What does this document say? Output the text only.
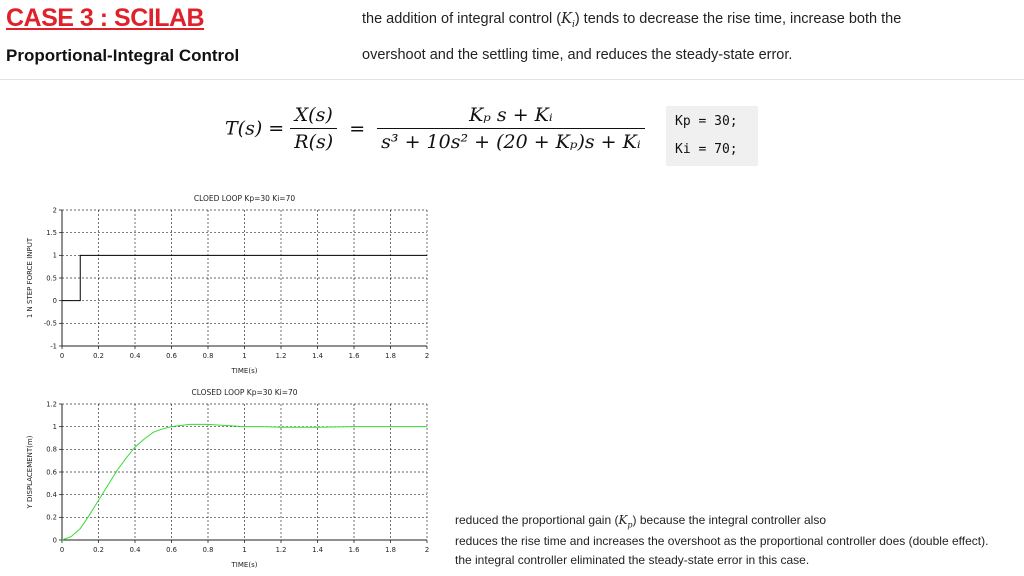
CASE 3 : SCILAB
Proportional-Integral Control
the addition of integral control $(K_i)$ tends to decrease the rise time, increase both the
overshoot and the settling time, and reduces the steady-state error.
$T(s) = \frac{X(s)}{R(s)} = \frac{\text{Kₚ s + Kᵢ}}{\text{s³ + 10s² + (20 + Kₚ)s + Kᵢ}}$ Kp = 30;
Ki = 70;
CLOED LOOP Kp=30 Ki=70
0	0.2	0.4	0.6	0.8	1	1.2	1.4	1.6	1.8	2
-1
-0.5
0
0.5
1
1.5
2
TIME(s)
1 N STEP FORCE INPUT
CLOSED LOOP Kp=30 Ki=70
0	0.2	0.4	0.6	0.8	1	1.2	1.4	1.6	1.8	2
0
0.2
0.4
0.6
0.8
1
1.2
TIME(s)
Y DISPLACEMENT(m)
reduced the proportional gain $(K_p)$ because the integral controller also
reduces the rise time and increases the overshoot as the proportional controller does (double effect).
the integral controller eliminated the steady-state error in this case.
